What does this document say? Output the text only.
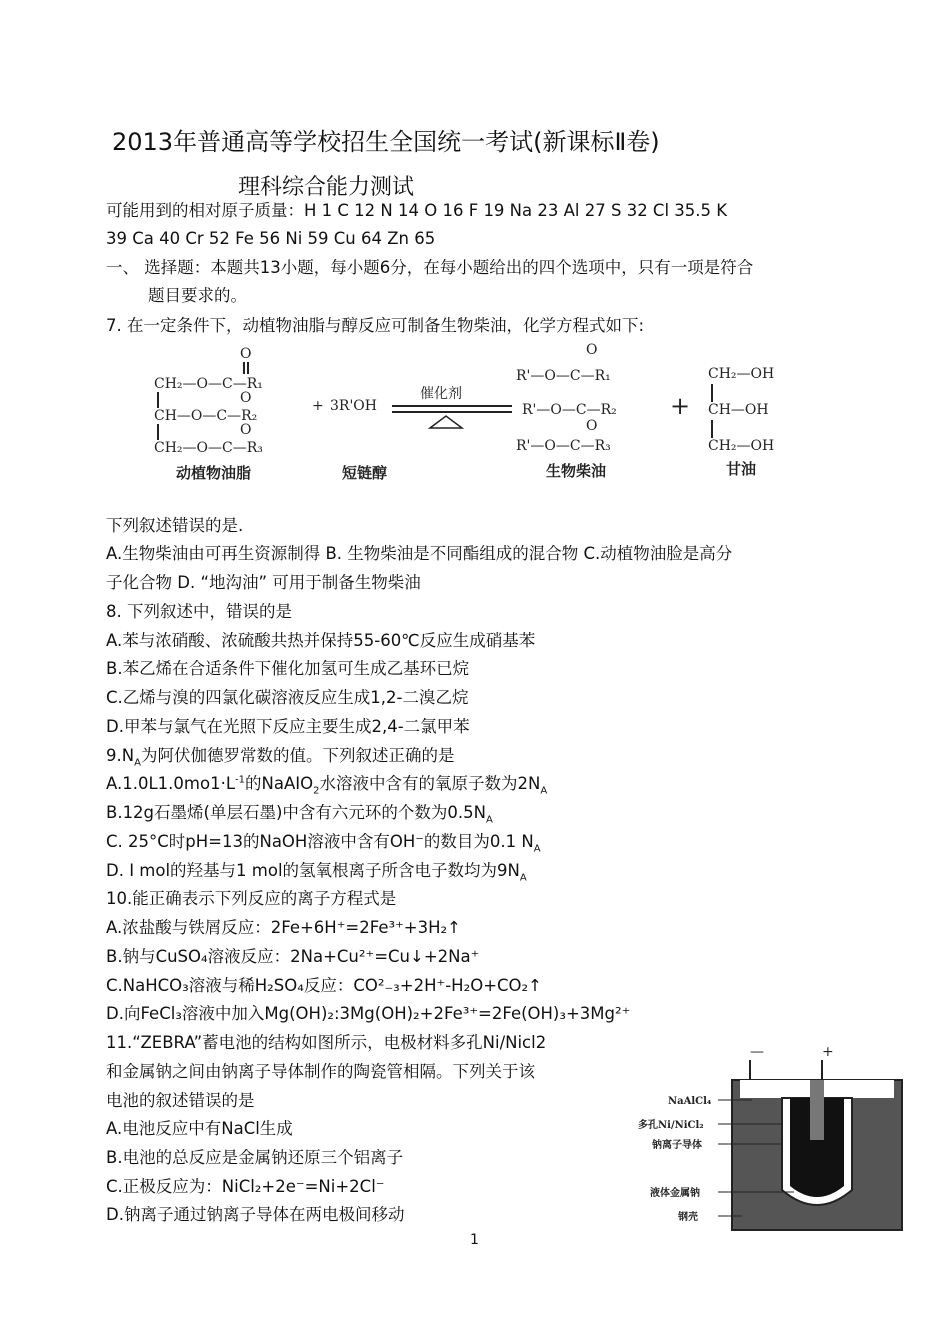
2013年普通高等学校招生全国统一考试(新课标Ⅱ卷)
理科综合能力测试
可能用到的相对原子质量：H 1 C 12 N 14 O 16 F 19 Na 23 Al 27 S 32 Cl 35.5 K
39 Ca 40 Cr 52 Fe 56 Ni 59 Cu 64 Zn 65
一、 选择题：本题共13小题，每小题6分，在每小题给出的四个选项中，只有一项是符合
题目要求的。
7. 在一定条件下，动植物油脂与醇反应可制备生物柴油，化学方程式如下:
CH₂—O—C—R₁
CH—O—C—R₂
CH₂—O—C—R₃
O
O
O
+ 3R'OH
催化剂
R'—O—C—R₁
R'—O—C—R₂
R'—O—C—R₃
O
O
+
CH₂—OH
CH—OH
CH₂—OH
动植物油脂	短链醇	生物柴油	甘油
下列叙述错误的是.
A.生物柴油由可再生资源制得 B. 生物柴油是不同酯组成的混合物 C.动植物油脸是高分
子化合物 D. “地沟油” 可用于制备生物柴油
8. 下列叙述中，错误的是
A.苯与浓硝酸、浓硫酸共热并保持55-60℃反应生成硝基苯
B.苯乙烯在合适条件下催化加氢可生成乙基环已烷
C.乙烯与溴的四氯化碳溶液反应生成1,2-二溴乙烷
D.甲苯与氯气在光照下反应主要生成2,4-二氯甲苯
$9.N_A$为阿伏伽德罗常数的值。下列叙述正确的是
$A.1.0L1.0mo1\cdot L^{-1}$的NaAIO$_2$水溶液中含有的氧原子数为$2N_A$
B.12g石墨烯(单层石墨)中含有六元环的个数为$0.5N_A$
C. 25°C时pH=13的NaOH溶液中含有OH⁻的数目为0.1 $N_A$
D. I mol的羟基与1 mol的氢氧根离子所含电子数均为$9N_A$
10.能正确表示下列反应的离子方程式是
A.浓盐酸与铁屑反应：2Fe+6H⁺=2Fe³⁺+3H₂↑
B.钠与CuSO₄溶液反应：2Na+Cu²⁺=Cu↓+2Na⁺
C.NaHCO₃溶液与稀H₂SO₄反应：CO²₋₃+2H⁺-H₂O+CO₂↑
D.向FeCl₃溶液中加入Mg(OH)₂:3Mg(OH)₂+2Fe³⁺=2Fe(OH)₃+3Mg²⁺
11.“ZEBRA”蓄电池的结构如图所示，电极材料多孔Ni/Nicl2
和金属钠之间由钠离子导体制作的陶瓷管相隔。下列关于该
电池的叙述错误的是
A.电池反应中有NaCl生成
B.电池的总反应是金属钠还原三个铝离子
C.正极反应为：NiCl₂+2e⁻=Ni+2Cl⁻
D.钠离子通过钠离子导体在两电极间移动
—	+
NaAlCl₄
多孔Ni/NiCl₂
钠离子导体
液体金属钠
钢壳
1
